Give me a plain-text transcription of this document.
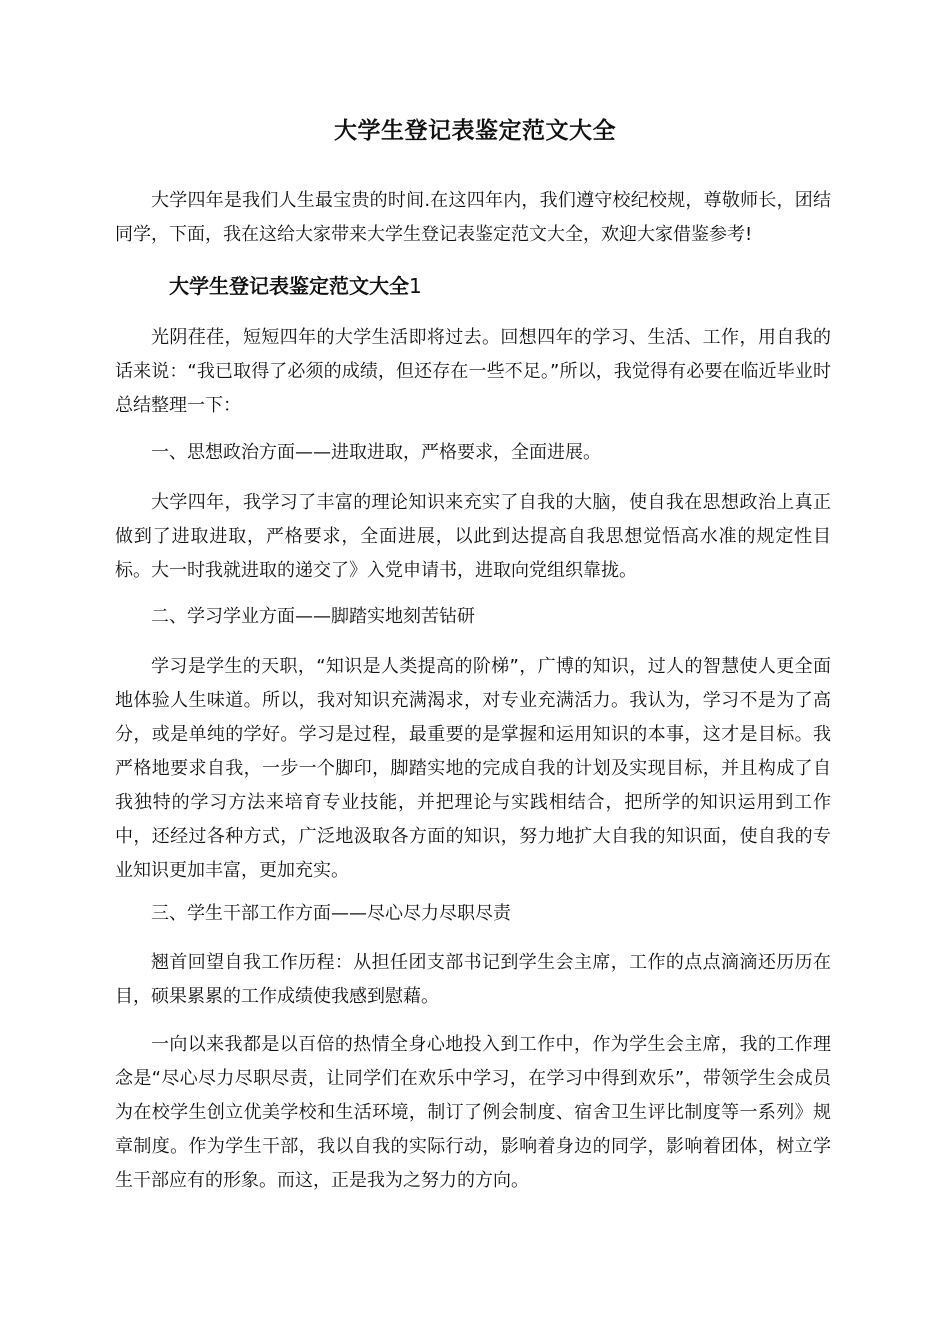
大学生登记表鉴定范文大全

大学四年是我们人生最宝贵的时间.在这四年内，我们遵守校纪校规，尊敬师长，团结同学，下面，我在这给大家带来大学生登记表鉴定范文大全，欢迎大家借鉴参考!

大学生登记表鉴定范文大全1

光阴荏荏，短短四年的大学生活即将过去。回想四年的学习、生活、工作，用自我的话来说：“我已取得了必须的成绩，但还存在一些不足。”所以，我觉得有必要在临近毕业时总结整理一下：

一、思想政治方面——进取进取，严格要求，全面进展。

大学四年，我学习了丰富的理论知识来充实了自我的大脑，使自我在思想政治上真正做到了进取进取，严格要求，全面进展，以此到达提高自我思想觉悟高水准的规定性目标。大一时我就进取的递交了》入党申请书，进取向党组织靠拢。

二、学习学业方面——脚踏实地刻苦钻研

学习是学生的天职，“知识是人类提高的阶梯”，广博的知识，过人的智慧使人更全面地体验人生味道。所以，我对知识充满渴求，对专业充满活力。我认为，学习不是为了高分，或是单纯的学好。学习是过程，最重要的是掌握和运用知识的本事，这才是目标。我严格地要求自我，一步一个脚印，脚踏实地的完成自我的计划及实现目标，并且构成了自我独特的学习方法来培育专业技能，并把理论与实践相结合，把所学的知识运用到工作中，还经过各种方式，广泛地汲取各方面的知识，努力地扩大自我的知识面，使自我的专业知识更加丰富，更加充实。

三、学生干部工作方面——尽心尽力尽职尽责

翘首回望自我工作历程：从担任团支部书记到学生会主席，工作的点点滴滴还历历在目，硕果累累的工作成绩使我感到慰藉。

一向以来我都是以百倍的热情全身心地投入到工作中，作为学生会主席，我的工作理念是“尽心尽力尽职尽责，让同学们在欢乐中学习，在学习中得到欢乐”，带领学生会成员为在校学生创立优美学校和生活环境，制订了例会制度、宿舍卫生评比制度等一系列》规章制度。作为学生干部，我以自我的实际行动，影响着身边的同学，影响着团体，树立学生干部应有的形象。而这，正是我为之努力的方向。
